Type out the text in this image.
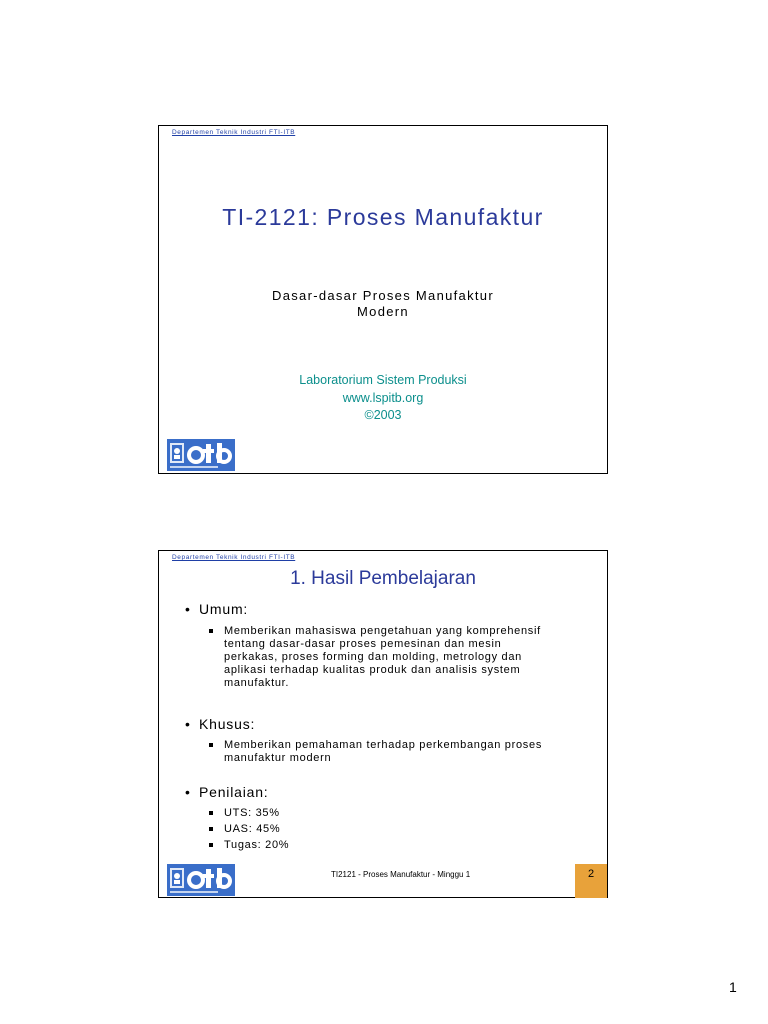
Departemen Teknik Industri FTI-ITB
TI-2121: Proses Manufaktur
Dasar-dasar Proses Manufaktur
Modern
Laboratorium Sistem Produksi
www.lspitb.org
©2003
Departemen Teknik Industri FTI-ITB
1. Hasil Pembelajaran
• Umum:
Memberikan mahasiswa pengetahuan yang komprehensif tentang dasar-dasar proses pemesinan dan mesin perkakas, proses forming dan molding, metrology dan aplikasi terhadap kualitas produk dan analisis system manufaktur.
• Khusus:
Memberikan pemahaman terhadap perkembangan proses manufaktur modern
• Penilaian:
UTS: 35%
UAS: 45%
Tugas: 20%
TI2121 - Proses Manufaktur - Minggu 1	2
1
